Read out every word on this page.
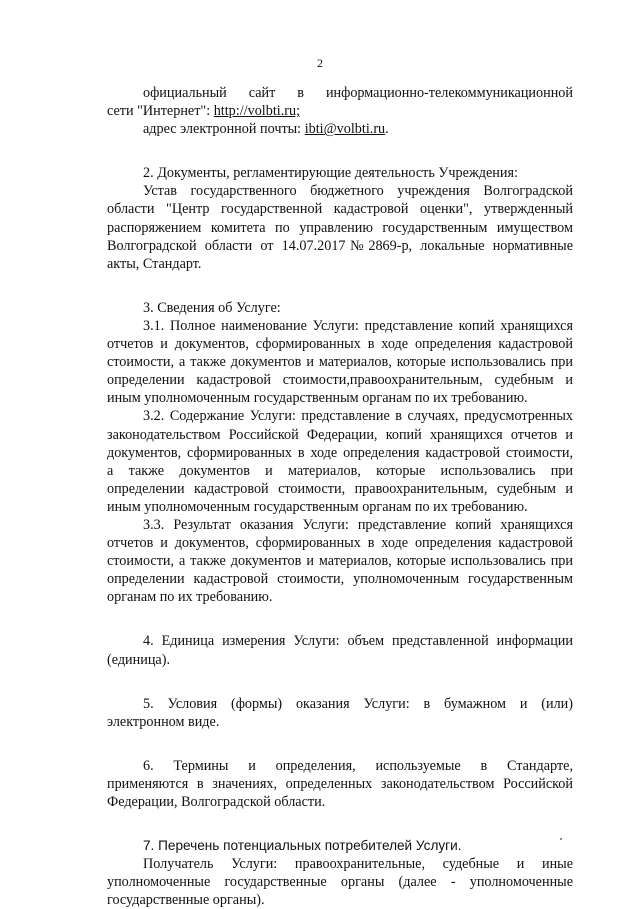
2

официальный сайт в информационно-телекоммуникационной

сети "Интернет": http://volbti.ru;

адрес электронной почты: ibti@volbti.ru.

2. Документы, регламентирующие деятельность Учреждения:

Устав государственного бюджетного учреждения Волгоградской

области "Центр государственной кадастровой оценки", утвержденный

распоряжением комитета по управлению государственным имуществом

Волгоградской области от 14.07.2017№2869-р, локальные нормативные

акты, Стандарт.

3. Сведения об Услуге:

3.1. Полное наименование Услуги: представление копий хранящихся

отчетов и документов, сформированных в ходе определения кадастровой

стоимости, а также документов и материалов, которые использовались при

определении кадастровой стоимости,правоохранительным, судебным и

иным уполномоченным государственным органам по их требованию.

3.2. Содержание Услуги: представление в случаях, предусмотренных

законодательством Российской Федерации, копий хранящихся отчетов и

документов, сформированных в ходе определения кадастровой стоимости,

а также документов и материалов, которые использовались при

определении кадастровой стоимости, правоохранительным, судебным и

иным уполномоченным государственным органам по их требованию.

3.3. Результат оказания Услуги: представление копий хранящихся

отчетов и документов, сформированных в ходе определения кадастровой

стоимости, а также документов и материалов, которые использовались при

определении кадастровой стоимости, уполномоченным государственным

органам по их требованию.

4. Единица измерения Услуги: объем представленной информации

(единица).

5. Условия (формы) оказания Услуги: в бумажном и (или)

электронном виде.

6. Термины и определения, используемые в Стандарте,

применяются в значениях, определенных законодательством Российской

Федерации, Волгоградской области.

7. Перечень потенциальных потребителей Услуги.

Получатель Услуги: правоохранительные, судебные и иные

уполномоченные государственные органы (далее - уполномоченные

государственные органы).
